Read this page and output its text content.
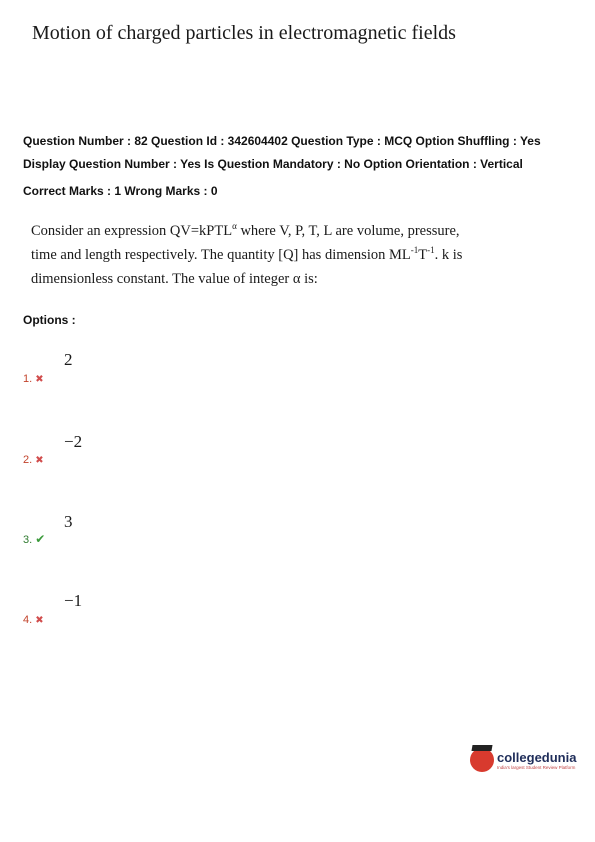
Motion of charged particles in electromagnetic fields
Question Number : 82 Question Id : 342604402 Question Type : MCQ Option Shuffling : Yes
Display Question Number : Yes Is Question Mandatory : No Option Orientation : Vertical
Correct Marks : 1 Wrong Marks : 0
Consider an expression QV=kPTL$^\alpha$ where V, P, T, L are volume, pressure, time and length respectively. The quantity [Q] has dimension $ML^{-1}T^{-1}$. k is dimensionless constant. The value of integer α is:
Options :
2
1. ✖
−2
2. ✖
3
3. ✔
−1
4. ✖
collegedunia
India's largest Student Review Platform
